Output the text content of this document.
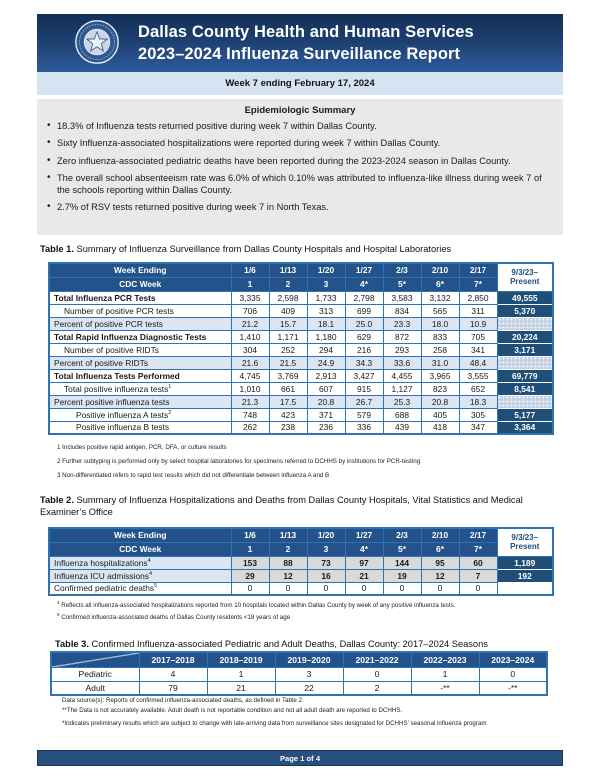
Dallas County Health and Human Services
2023–2024 Influenza Surveillance Report
Week 7 ending February 17, 2024
Epidemiologic Summary
• 18.3% of Influenza tests returned positive during week 7 within Dallas County.
• Sixty Influenza-associated hospitalizations were reported during week 7 within Dallas County.
• Zero influenza-associated pediatric deaths have been reported during the 2023-2024 season in Dallas County.
• The overall school absenteeism rate was 6.0% of which 0.10% was attributed to influenza-like illness during week 7 of the schools reporting within Dallas County.
• 2.7% of RSV tests returned positive during week 7 in North Texas.

Table 1. Summary of Influenza Surveillance from Dallas County Hospitals and Hospital Laboratories

Week Ending	1/6	1/13	1/20	1/27	2/3	2/10	2/17	9/3/23–
Present
CDC Week	1	2	3	4*	5*	6*	7*	
Total Influenza PCR Tests	3,335	2,598	1,733	2,798	3,583	3,132	2,850	49,555
Number of positive PCR tests	706	409	313	699	834	565	311	5,370
Percent of positive PCR tests	21.2	15.7	18.1	25.0	23.3	18.0	10.9	
Total Rapid Influenza Diagnostic Tests	1,410	1,171	1,180	629	872	833	705	20,224
Number of positive RIDTs	304	252	294	216	293	258	341	3,171
Percent of positive RIDTs	21.6	21.5	24.9	34.3	33.6	31.0	48.4	
Total Influenza Tests Performed	4,745	3,769	2,913	3,427	4,455	3,965	3,555	69,779
Total positive influenza tests$^1$	1,010	661	607	915	1,127	823	652	8,541
Percent positive influenza tests	21.3	17.5	20.8	26.7	25.3	20.8	18.3	
Positive influenza A tests$^2$	748	423	371	579	688	405	305	5,177
Positive influenza B tests	262	238	236	336	439	418	347	3,364
1 Includes positive rapid antigen, PCR, DFA, or culture results
2 Further subtyping is performed only by select hospital laboratories for specimens referred to DCHHS by institutions for PCR-testing
3 Non-differentiated refers to rapid test results which did not differentiate between influenza A and B

Table 2. Summary of Influenza Hospitalizations and Deaths from Dallas County Hospitals, Vital Statistics and Medical Examiner’s Office

Week Ending	1/6	1/13	1/20	1/27	2/3	2/10	2/17	9/3/23–
Present
CDC Week	1	2	3	4*	5*	6*	7*	
Influenza hospitalizations$^4$	153	88	73	97	144	95	60	1,189
Influenza ICU admissions$^4$	29	12	16	21	19	12	7	192
Confirmed pediatric deaths$^5$	0	0	0	0	0	0	0	0
$^4$ Reflects all influenza-associated hospitalizations reported from 10 hospitals located within Dallas County by week of any positive influenza tests.
$^5$ Confirmed influenza-associated deaths of Dallas County residents <18 years of age

Table 3. Confirmed Influenza-associated Pediatric and Adult Deaths, Dallas County: 2017–2024 Seasons

	2017–2018	2018–2019	2019–2020	2021–2022	2022–2023	2023–2024
Pediatric	4	1	3	0	1	0
Adult	79	21	22	2	-**	-**
Data source(s): Reports of confirmed influenza-associated deaths, as defined in Table 2.
**The Data is not accurately available. Adult death is not reportable condition and not all adult death are reported to DCHHS.
*Indicates preliminary results which are subject to change with late-arriving data from surveillance sites designated for DCHHS’ seasonal influenza program
Page 1 of 4
